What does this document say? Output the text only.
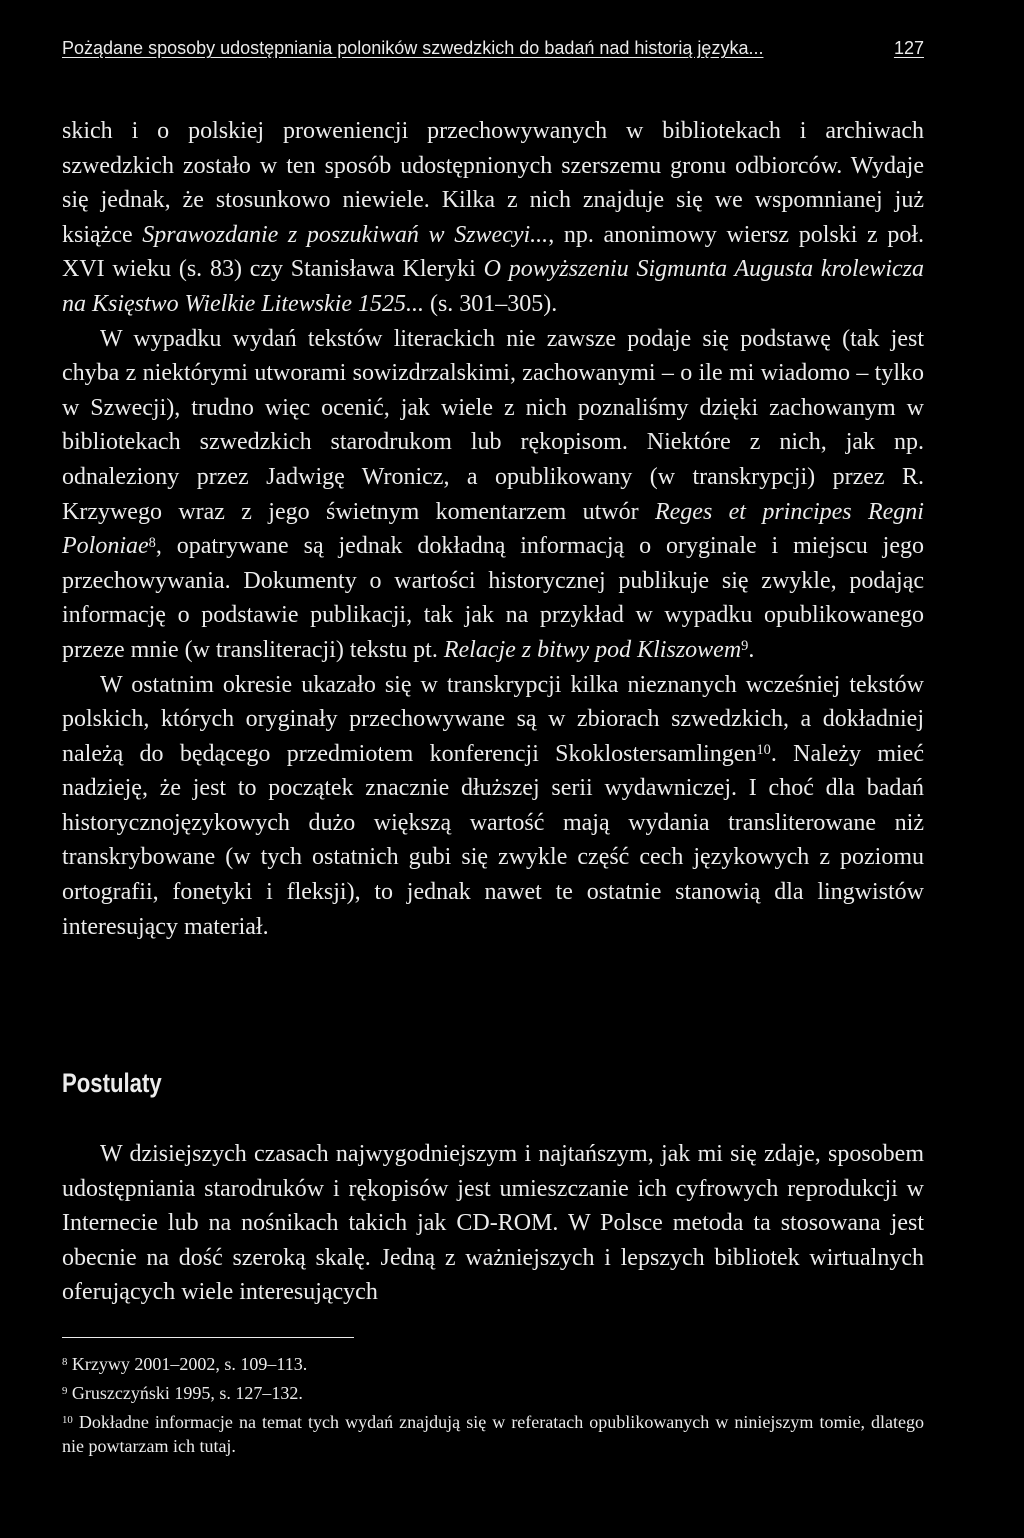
Pożądane sposoby udostępniania poloników szwedzkich do badań nad historią języka...	127

skich i o polskiej proweniencji przechowywanych w bibliotekach i archiwach szwedzkich zostało w ten sposób udostępnionych szerszemu gronu odbiorców. Wydaje się jednak, że stosunkowo niewiele. Kilka z nich znajduje się we wspomnianej już książce Sprawozdanie z poszukiwań w Szwecyi..., np. anonimowy wiersz polski z poł. XVI wieku (s. 83) czy Stanisława Kleryki O powyższeniu Sigmunta Augusta krolewicza na Księstwo Wielkie Litewskie 1525... (s. 301–305).

W wypadku wydań tekstów literackich nie zawsze podaje się podstawę (tak jest chyba z niektórymi utworami sowizdrzalskimi, zachowanymi – o ile mi wiadomo – tylko w Szwecji), trudno więc ocenić, jak wiele z nich poznaliśmy dzięki zachowanym w bibliotekach szwedzkich starodrukom lub rękopisom. Niektóre z nich, jak np. odnaleziony przez Jadwigę Wronicz, a opublikowany (w transkrypcji) przez R. Krzywego wraz z jego świetnym komentarzem utwór Reges et principes Regni Poloniae$^8$, opatrywane są jednak dokładną informacją o oryginale i miejscu jego przechowywania. Dokumenty o wartości historycznej publikuje się zwykle, podając informację o podstawie publikacji, tak jak na przykład w wypadku opublikowanego przeze mnie (w transliteracji) tekstu pt. Relacje z bitwy pod Kliszowem$^9$.

W ostatnim okresie ukazało się w transkrypcji kilka nieznanych wcześniej tekstów polskich, których oryginały przechowywane są w zbiorach szwedzkich, a dokładniej należą do będącego przedmiotem konferencji Skoklostersamlingen$^{10}$. Należy mieć nadzieję, że jest to początek znacznie dłuższej serii wydawniczej. I choć dla badań historycznojęzykowych dużo większą wartość mają wydania transliterowane niż transkrybowane (w tych ostatnich gubi się zwykle część cech językowych z poziomu ortografii, fonetyki i fleksji), to jednak nawet te ostatnie stanowią dla lingwistów interesujący materiał.

Postulaty

W dzisiejszych czasach najwygodniejszym i najtańszym, jak mi się zdaje, sposobem udostępniania starodruków i rękopisów jest umieszczanie ich cyfrowych reprodukcji w Internecie lub na nośnikach takich jak CD-ROM. W Polsce metoda ta stosowana jest obecnie na dość szeroką skalę. Jedną z ważniejszych i lepszych bibliotek wirtualnych oferujących wiele interesujących

$^8$ Krzywy 2001–2002, s. 109–113.

$^9$ Gruszczyński 1995, s. 127–132.

$^{10}$ Dokładne informacje na temat tych wydań znajdują się w referatach opublikowanych w niniejszym tomie, dlatego nie powtarzam ich tutaj.
